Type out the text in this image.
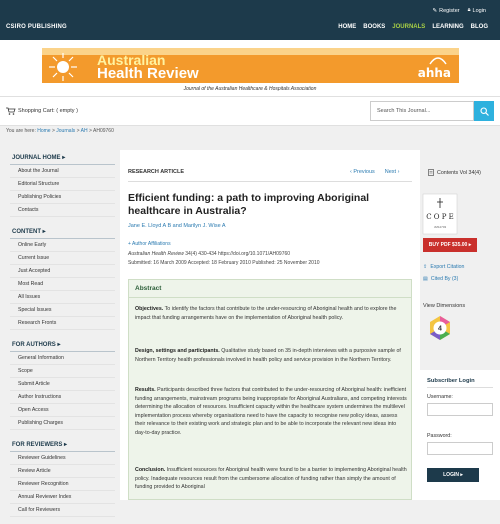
✎ Register 🔒︎ Login
CSIRO PUBLISHING	HOME BOOKS JOURNALS LEARNING BLOG
Australian
Health Review	ahha
Journal of the Australian Healthcare & Hospitals Association
Shopping Cart: ( empty )	Search This Journal...
You are here: Home > Journals > AH > AH09760
JOURNAL HOME ▸
About the Journal
Editorial Structure
Publishing Policies
Contacts
CONTENT ▸
Online Early
Current Issue
Just Accepted
Most Read
All Issues
Special Issues
Research Fronts
FOR AUTHORS ▸
General Information
Scope
Submit Article
Author Instructions
Open Access
Publishing Charges
FOR REVIEWERS ▸
Reviewer Guidelines
Review Article
Reviewer Recognition
Annual Reviewer Index
Call for Reviewers
RESEARCH ARTICLE	‹ Previous Next ›
Efficient funding: a path to improving Aboriginal healthcare in Australia?
Jane E. Lloyd A B and Marilyn J. Wise A
+ Author Affiliations
Australian Health Review 34(4) 430-434 https://doi.org/10.1071/AH09760
Submitted: 16 March 2009 Accepted: 18 February 2010 Published: 25 November 2010
Abstract
Objectives. To identify the factors that contribute to the under-resourcing of Aboriginal health and to explore the impact that funding arrangements have on the implementation of Aboriginal health policy.
Design, settings and participants. Qualitative study based on 35 in-depth interviews with a purposive sample of Northern Territory health professionals involved in health policy and service provision in the Northern Territory.
Results. Participants described three factors that contributed to the under-resourcing of Aboriginal health: inefficient funding arrangements, mainstream programs being inappropriate for Aboriginal Australians, and competing interests determining the allocation of resources. Insufficient capacity within the healthcare system undermines the multilevel implementation process whereby organisations need to have the capacity to recognise new policy ideas, assess their relevance to their existing work and strategic plan and to be able to incorporate the relevant new ideas into day-to-day practice.
Conclusion. Insufficient resources for Aboriginal health were found to be a barrier to implementing Aboriginal health policy. Inadequate resources result from the cumbersome allocation of funding rather than simply the amount of funding provided to Aboriginal
Contents Vol 34(4)
C O P E
JM12703
BUY PDF $35.00 ▸
⇪ Export Citation
▤ Cited By (3)
View Dimensions
4
Subscriber Login
Username:
Password:
LOGIN ▸
